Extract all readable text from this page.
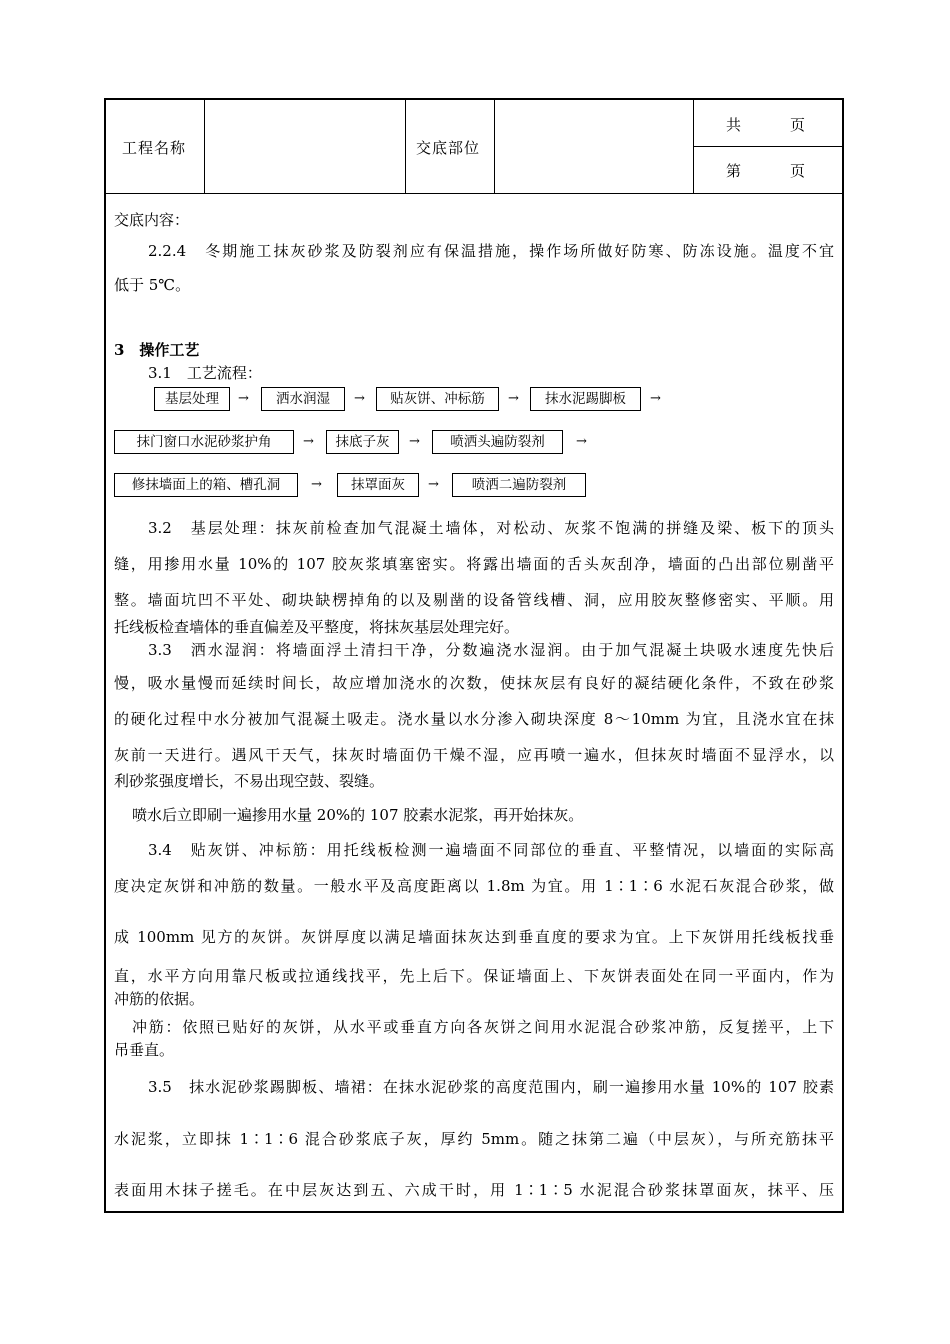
工程名称	交底部位
共　　　页
第　　　页
交底内容：
2.2.4　冬期施工抹灰砂浆及防裂剂应有保温措施，操作场所做好防寒、防冻设施。温度不宜
低于 5℃。
3　操作工艺
3.1　工艺流程：
基层处理	→	洒水润湿	→	贴灰饼、冲标筋	→	抹水泥踢脚板	→
抹门窗口水泥砂浆护角	→	抹底子灰	→	喷洒头遍防裂剂	→
修抹墙面上的箱、槽孔洞	→	抹罩面灰	→	喷洒二遍防裂剂
3.2　基层处理：抹灰前检查加气混凝土墙体，对松动、灰浆不饱满的拼缝及梁、板下的顶头
缝，用掺用水量 10%的 107 胶灰浆填塞密实。将露出墙面的舌头灰刮净，墙面的凸出部位剔凿平
整。墙面坑凹不平处、砌块缺楞掉角的以及剔凿的设备管线槽、洞，应用胶灰整修密实、平顺。用
托线板检查墙体的垂直偏差及平整度，将抹灰基层处理完好。
3.3　洒水湿润：将墙面浮土清扫干净，分数遍浇水湿润。由于加气混凝土块吸水速度先快后
慢，吸水量慢而延续时间长，故应增加浇水的次数，使抹灰层有良好的凝结硬化条件，不致在砂浆
的硬化过程中水分被加气混凝土吸走。浇水量以水分渗入砌块深度 8～10mm 为宜，且浇水宜在抹
灰前一天进行。遇风干天气，抹灰时墙面仍干燥不湿，应再喷一遍水，但抹灰时墙面不显浮水，以
利砂浆强度增长，不易出现空鼓、裂缝。
喷水后立即刷一遍掺用水量 20%的 107 胶素水泥浆，再开始抹灰。
3.4　贴灰饼、冲标筋：用托线板检测一遍墙面不同部位的垂直、平整情况，以墙面的实际高
度决定灰饼和冲筋的数量。一般水平及高度距离以 1.8m 为宜。用 1∶1∶6 水泥石灰混合砂浆，做
成 100mm 见方的灰饼。灰饼厚度以满足墙面抹灰达到垂直度的要求为宜。上下灰饼用托线板找垂
直，水平方向用靠尺板或拉通线找平，先上后下。保证墙面上、下灰饼表面处在同一平面内，作为
冲筋的依据。
冲筋：依照已贴好的灰饼，从水平或垂直方向各灰饼之间用水泥混合砂浆冲筋，反复搓平，上下
吊垂直。
3.5　抹水泥砂浆踢脚板、墙裙：在抹水泥砂浆的高度范围内，刷一遍掺用水量 10%的 107 胶素
水泥浆，立即抹 1∶1∶6 混合砂浆底子灰，厚约 5mm。随之抹第二遍（中层灰），与所充筋抹平
表面用木抹子搓毛。在中层灰达到五、六成干时，用 1∶1∶5 水泥混合砂浆抹罩面灰，抹平、压
